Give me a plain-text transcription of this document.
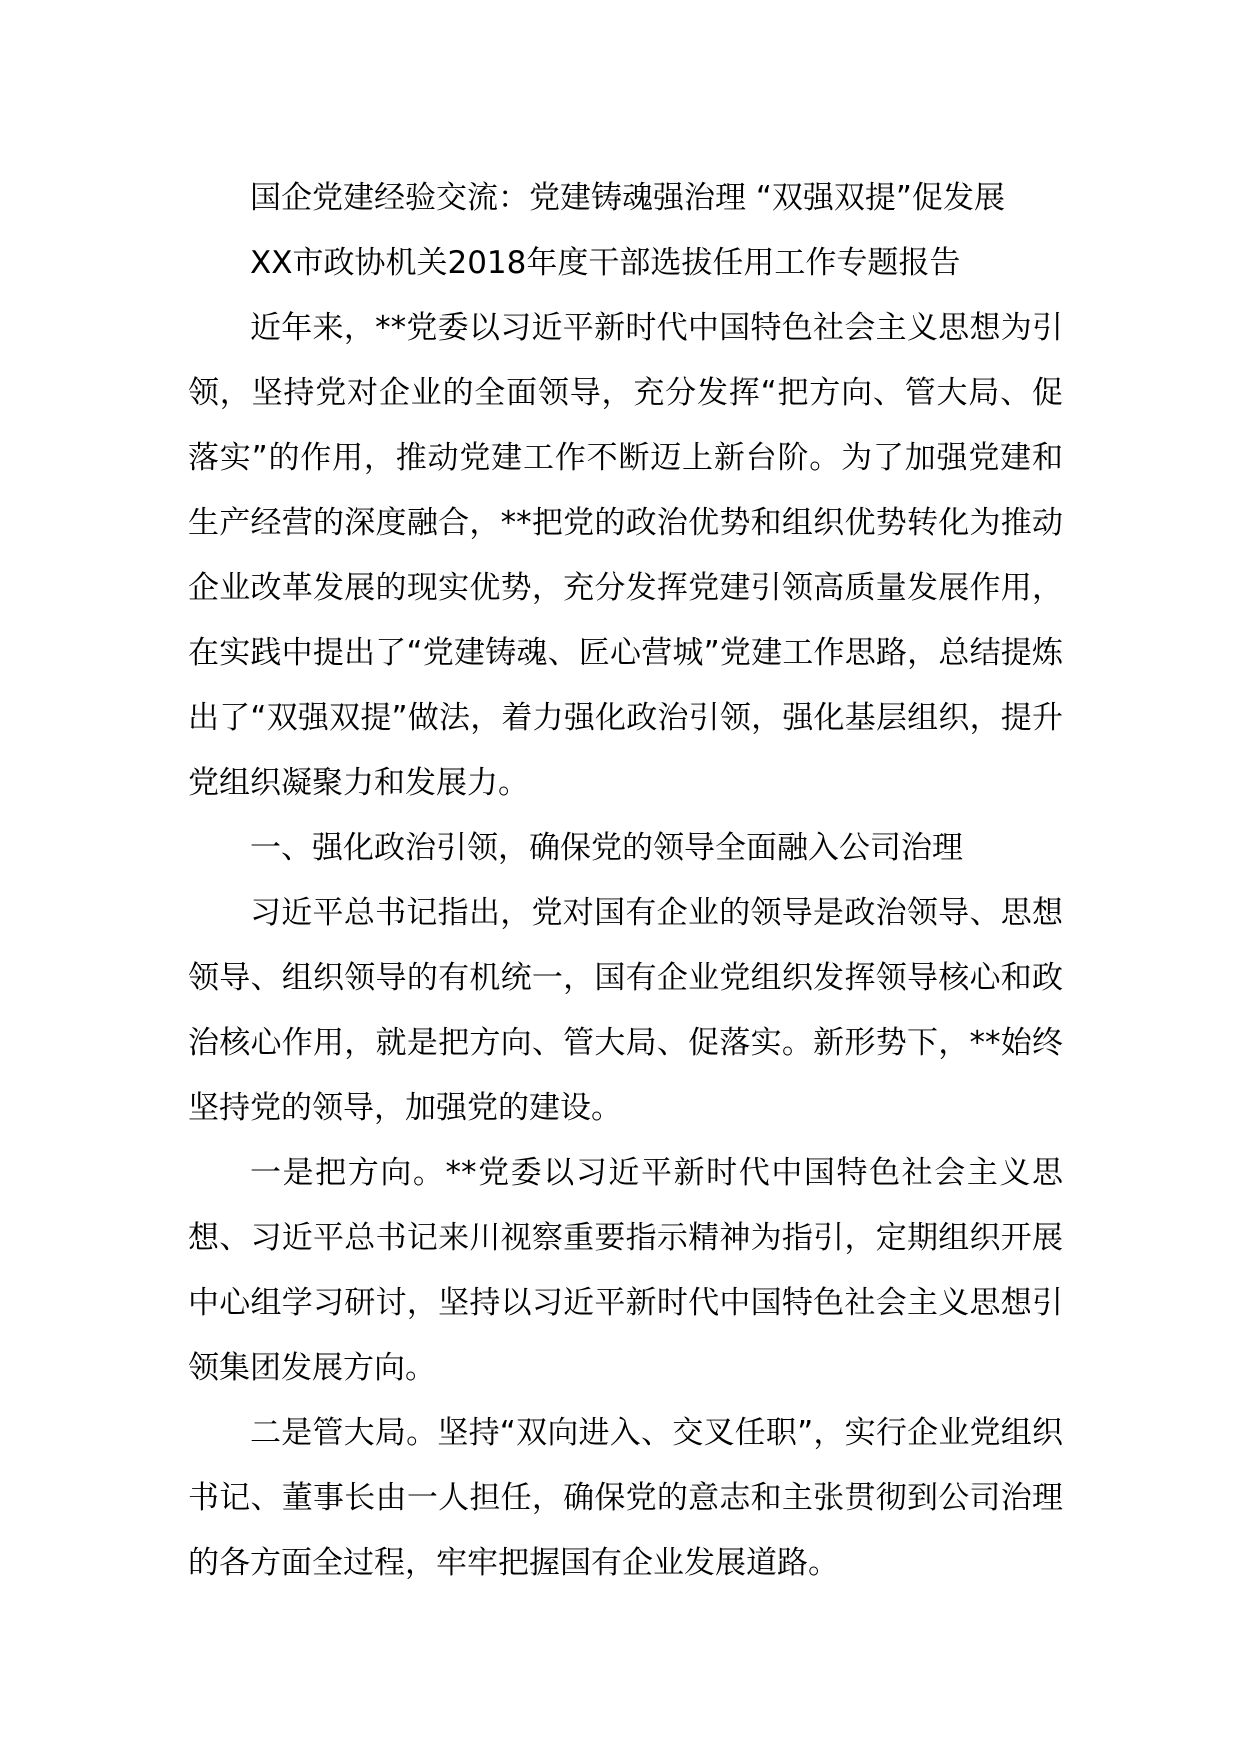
国企党建经验交流：党建铸魂强治理 “双强双提”促发展

XX市政协机关2018年度干部选拔任用工作专题报告

近年来，**党委以习近平新时代中国特色社会主义思想为引领，坚持党对企业的全面领导，充分发挥“把方向、管大局、促落实”的作用，推动党建工作不断迈上新台阶。为了加强党建和生产经营的深度融合，**把党的政治优势和组织优势转化为推动企业改革发展的现实优势，充分发挥党建引领高质量发展作用，在实践中提出了“党建铸魂、匠心营城”党建工作思路，总结提炼出了“双强双提”做法，着力强化政治引领，强化基层组织，提升党组织凝聚力和发展力。

一、强化政治引领，确保党的领导全面融入公司治理

习近平总书记指出，党对国有企业的领导是政治领导、思想领导、组织领导的有机统一，国有企业党组织发挥领导核心和政治核心作用，就是把方向、管大局、促落实。新形势下，**始终坚持党的领导，加强党的建设。

一是把方向。**党委以习近平新时代中国特色社会主义思想、习近平总书记来川视察重要指示精神为指引，定期组织开展中心组学习研讨，坚持以习近平新时代中国特色社会主义思想引领集团发展方向。

二是管大局。坚持“双向进入、交叉任职”，实行企业党组织书记、董事长由一人担任，确保党的意志和主张贯彻到公司治理的各方面全过程，牢牢把握国有企业发展道路。
